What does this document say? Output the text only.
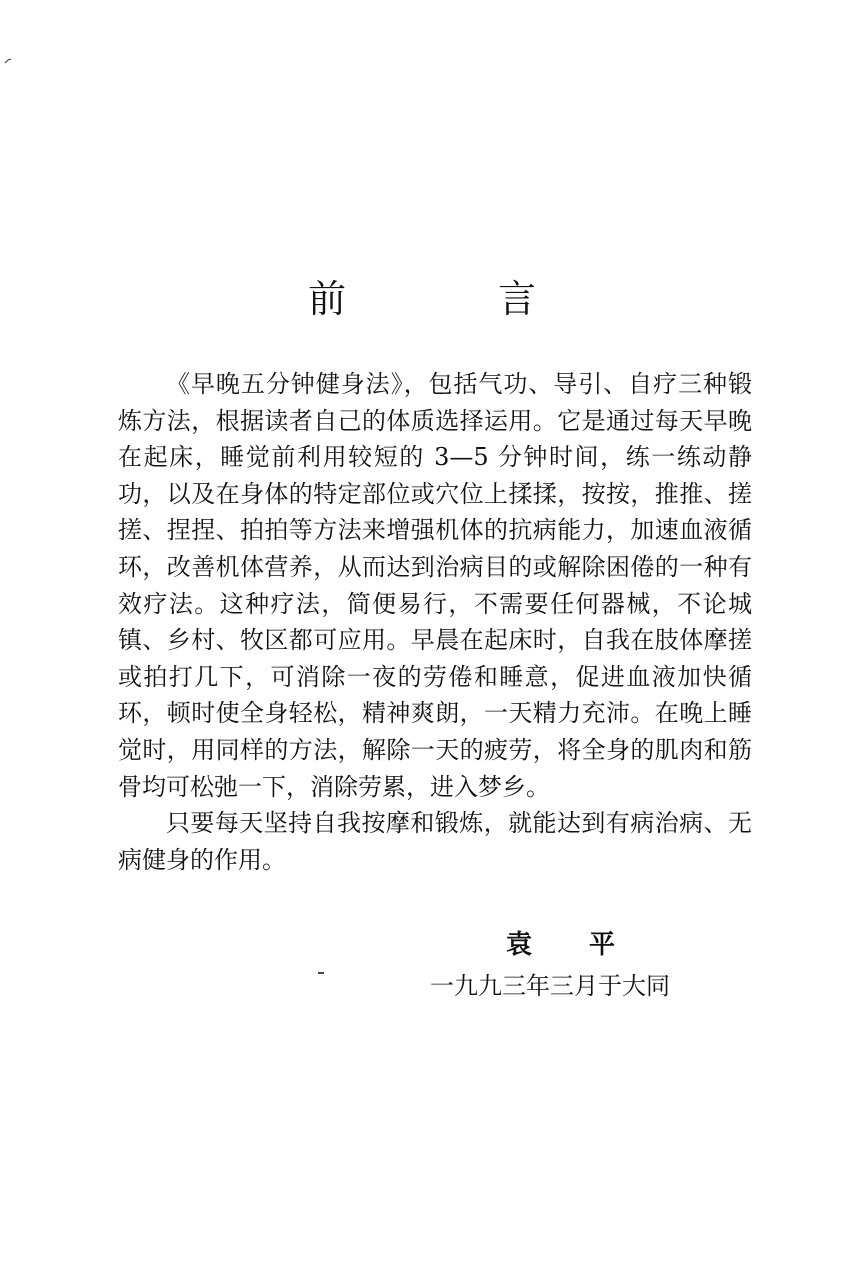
前 言

《早晚五分钟健身法》，包括气功、导引、自疗三种锻炼方法，根据读者自己的体质选择运用。它是通过每天早晚在起床，睡觉前利用较短的 3—5 分钟时间，练一练动静功，以及在身体的特定部位或穴位上揉揉，按按，推推、搓搓、捏捏、拍拍等方法来增强机体的抗病能力，加速血液循环，改善机体营养，从而达到治病目的或解除困倦的一种有效疗法。这种疗法，简便易行，不需要任何器械，不论城镇、乡村、牧区都可应用。早晨在起床时，自我在肢体摩搓或拍打几下，可消除一夜的劳倦和睡意，促进血液加快循环，顿时使全身轻松，精神爽朗，一天精力充沛。在晚上睡觉时，用同样的方法，解除一天的疲劳，将全身的肌肉和筋骨均可松弛一下，消除劳累，进入梦乡。

只要每天坚持自我按摩和锻炼，就能达到有病治病、无病健身的作用。

袁 平
一九九三年三月于大同
